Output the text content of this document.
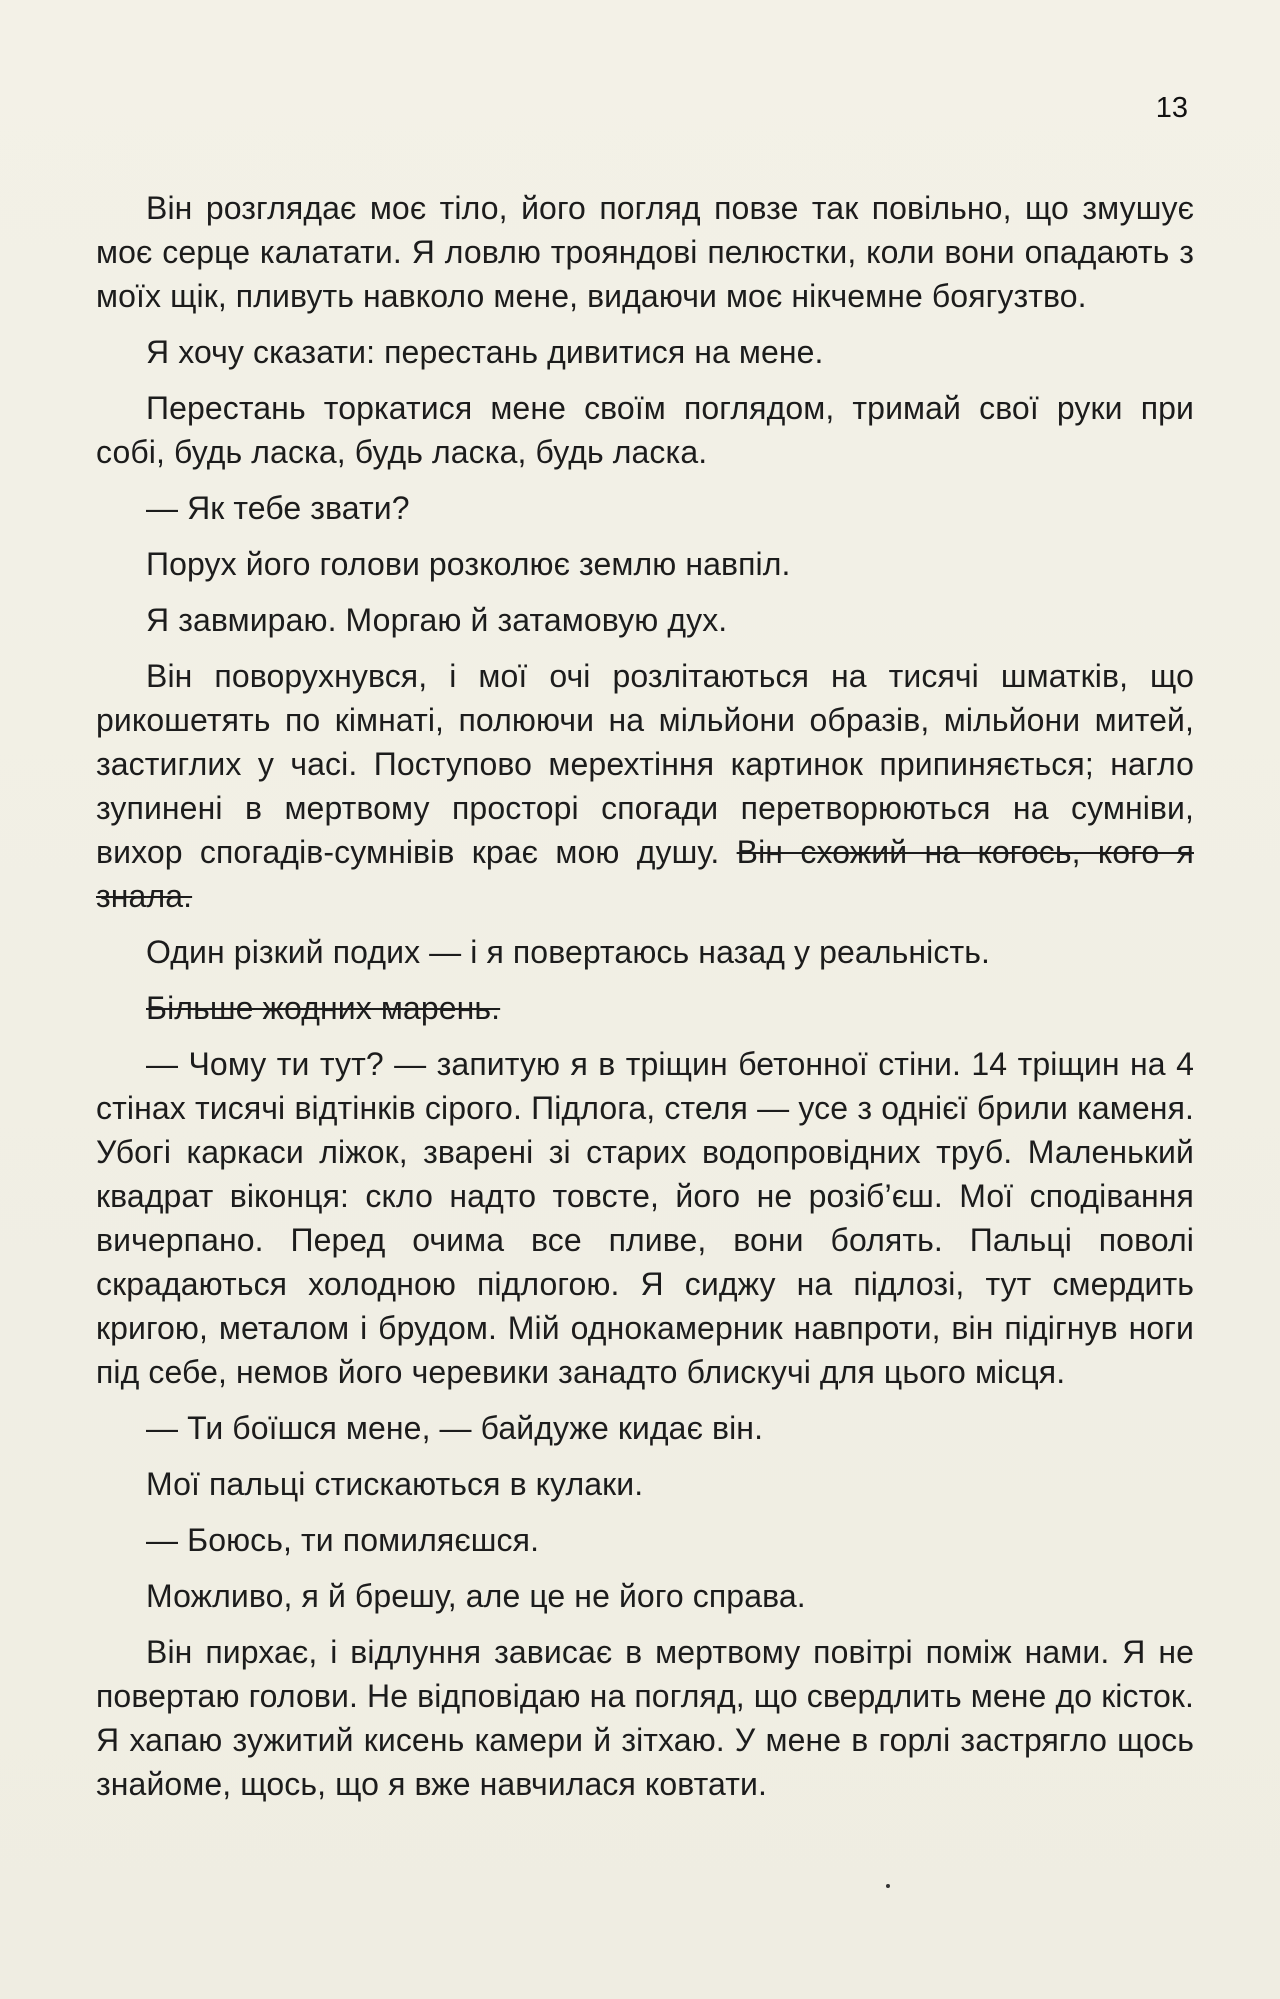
13

Він розглядає моє тіло, його погляд повзе так повільно, що змушує моє серце калатати. Я ловлю трояндові пелюстки, коли вони опадають з моїх щік, пливуть навколо мене, видаючи моє нікчемне боягузтво.

Я хочу сказати: перестань дивитися на мене.

Перестань торкатися мене своїм поглядом, тримай свої руки при собі, будь ласка, будь ласка, будь ласка.

— Як тебе звати?

Порух його голови розколює землю навпіл.

Я завмираю. Моргаю й затамовую дух.

Він поворухнувся, і мої очі розлітаються на тисячі шматків, що рикошетять по кімнаті, полюючи на мільйони образів, мільйони митей, застиглих у часі. Поступово мерехтіння картинок припиняється; нагло зупинені в мертвому просторі спогади перетворюються на сумніви, вихор спогадів-сумнівів крає мою душу. Він схожий на когось, кого я знала.

Один різкий подих — і я повертаюсь назад у реальність.

Більше жодних марень.

— Чому ти тут? — запитую я в тріщин бетонної стіни. 14 тріщин на 4 стінах тисячі відтінків сірого. Підлога, стеля — усе з однієї брили каменя. Убогі каркаси ліжок, зварені зі старих водопровідних труб. Маленький квадрат віконця: скло надто товсте, його не розіб’єш. Мої сподівання вичерпано. Перед очима все пливе, вони болять. Пальці поволі скрадаються холодною підлогою. Я сиджу на підлозі, тут смердить кригою, металом і брудом. Мій однокамерник навпроти, він підігнув ноги під себе, немов його черевики занадто блискучі для цього місця.

— Ти боїшся мене, — байдуже кидає він.

Мої пальці стискаються в кулаки.

— Боюсь, ти помиляєшся.

Можливо, я й брешу, але це не його справа.

Він пирхає, і відлуння зависає в мертвому повітрі поміж нами. Я не повертаю голови. Не відповідаю на погляд, що свердлить мене до кісток. Я хапаю зужитий кисень камери й зітхаю. У мене в горлі застрягло щось знайоме, щось, що я вже навчилася ковтати.
